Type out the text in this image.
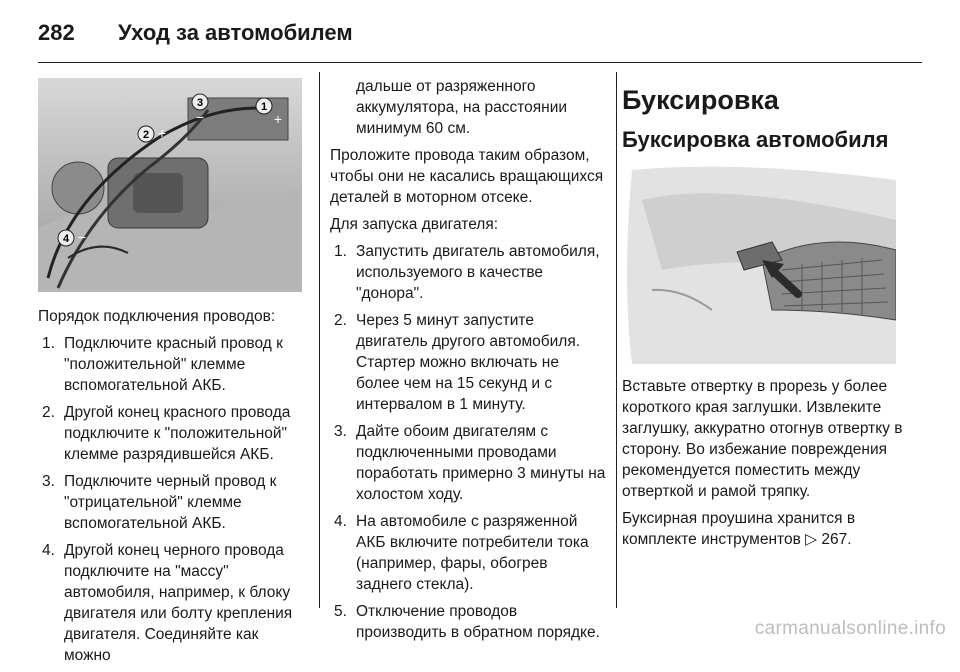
282 Уход за автомобилем
3
−
1
+
2 +
4 −

Порядок подключения проводов:

1. Подключите красный провод к "положительной" клемме вспомогательной АКБ.
2. Другой конец красного провода подключите к "положительной" клемме разрядившейся АКБ.
3. Подключите черный провод к "отрицательной" клемме вспомогательной АКБ.
4. Другой конец черного провода подключите на "массу" автомобиля, например, к блоку двигателя или болту крепления двигателя. Соединяйте как можно
дальше от разряженного аккумулятора, на расстоянии минимум 60 см.

Проложите провода таким образом, чтобы они не касались вращающихся деталей в моторном отсеке.

Для запуска двигателя:

1. Запустить двигатель автомобиля, используемого в качестве "донора".
2. Через 5 минут запустите двигатель другого автомобиля. Стартер можно включать не более чем на 15 секунд и с интервалом в 1 минуту.
3. Дайте обоим двигателям с подключенными проводами поработать примерно 3 минуты на холостом ходу.
4. На автомобиле с разряженной АКБ включите потребители тока (например, фары, обогрев заднего стекла).
5. Отключение проводов производить в обратном порядке.
Буксировка
Буксировка автомобиля

Вставьте отвертку в прорезь у более короткого края заглушки. Извлеките заглушку, аккуратно отогнув отвертку в сторону. Во избежание повреждения рекомендуется поместить между отверткой и рамой тряпку.

Буксирная проушина хранится в комплекте инструментов ▷ 267.

carmanualsonline.info
